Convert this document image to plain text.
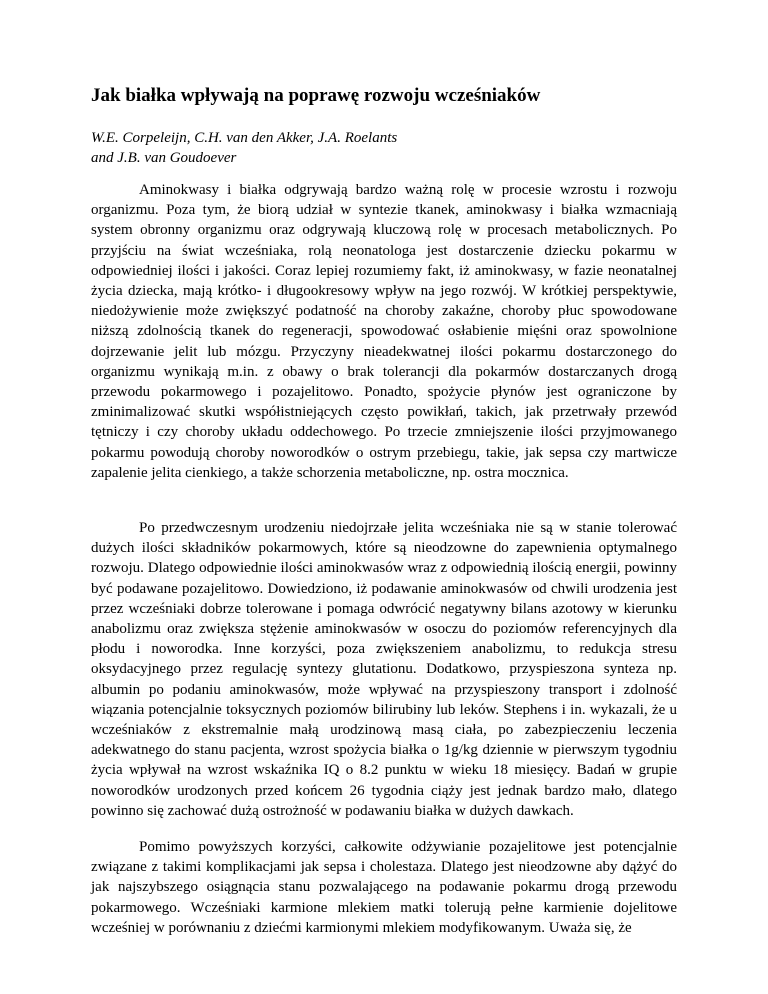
Jak białka wpływają na poprawę rozwoju wcześniaków
W.E. Corpeleijn, C.H. van den Akker, J.A. Roelants
and J.B. van Goudoever

Aminokwasy i białka odgrywają bardzo ważną rolę w procesie wzrostu i rozwoju organizmu. Poza tym, że biorą udział w syntezie tkanek, aminokwasy i białka wzmacniają system obronny organizmu oraz odgrywają kluczową rolę w procesach metabolicznych. Po przyjściu na świat wcześniaka, rolą neonatologa jest dostarczenie dziecku pokarmu w odpowiedniej ilości i jakości. Coraz lepiej rozumiemy fakt, iż aminokwasy, w fazie neonatalnej życia dziecka, mają krótko- i długookresowy wpływ na jego rozwój. W krótkiej perspektywie, niedożywienie może zwiększyć podatność na choroby zakaźne, choroby płuc spowodowane niższą zdolnością tkanek do regeneracji, spowodować osłabienie mięśni oraz spowolnione dojrzewanie jelit lub mózgu. Przyczyny nieadekwatnej ilości pokarmu dostarczonego do organizmu wynikają m.in. z obawy o brak tolerancji dla pokarmów dostarczanych drogą przewodu pokarmowego i pozajelitowo. Ponadto, spożycie płynów jest ograniczone by zminimalizować skutki współistniejących często powikłań, takich, jak przetrwały przewód tętniczy i czy choroby układu oddechowego. Po trzecie zmniejszenie ilości przyjmowanego pokarmu powodują choroby noworodków o ostrym przebiegu, takie, jak sepsa czy martwicze zapalenie jelita cienkiego, a także schorzenia metaboliczne, np. ostra mocznica.

Po przedwczesnym urodzeniu niedojrzałe jelita wcześniaka nie są w stanie tolerować dużych ilości składników pokarmowych, które są nieodzowne do zapewnienia optymalnego rozwoju. Dlatego odpowiednie ilości aminokwasów wraz z odpowiednią ilością energii, powinny być podawane pozajelitowo. Dowiedziono, iż podawanie aminokwasów od chwili urodzenia jest przez wcześniaki dobrze tolerowane i pomaga odwrócić negatywny bilans azotowy w kierunku anabolizmu oraz zwiększa stężenie aminokwasów w osoczu do poziomów referencyjnych dla płodu i noworodka. Inne korzyści, poza zwiększeniem anabolizmu, to redukcja stresu oksydacyjnego przez regulację syntezy glutationu. Dodatkowo, przyspieszona synteza np. albumin po podaniu aminokwasów, może wpływać na przyspieszony transport i zdolność wiązania potencjalnie toksycznych poziomów bilirubiny lub leków. Stephens i in. wykazali, że u wcześniaków z ekstremalnie małą urodzinową masą ciała, po zabezpieczeniu leczenia adekwatnego do stanu pacjenta, wzrost spożycia białka o 1g/kg dziennie w pierwszym tygodniu życia wpływał na wzrost wskaźnika IQ o 8.2 punktu w wieku 18 miesięcy. Badań w grupie noworodków urodzonych przed końcem 26 tygodnia ciąży jest jednak bardzo mało, dlatego powinno się zachować dużą ostrożność w podawaniu białka w dużych dawkach.

Pomimo powyższych korzyści, całkowite odżywianie pozajelitowe jest potencjalnie związane z takimi komplikacjami jak sepsa i cholestaza. Dlatego jest nieodzowne aby dążyć do jak najszybszego osiągnącia stanu pozwalającego na podawanie pokarmu drogą przewodu pokarmowego. Wcześniaki karmione mlekiem matki tolerują pełne karmienie dojelitowe wcześniej w porównaniu z dziećmi karmionymi mlekiem modyfikowanym. Uważa się, że
